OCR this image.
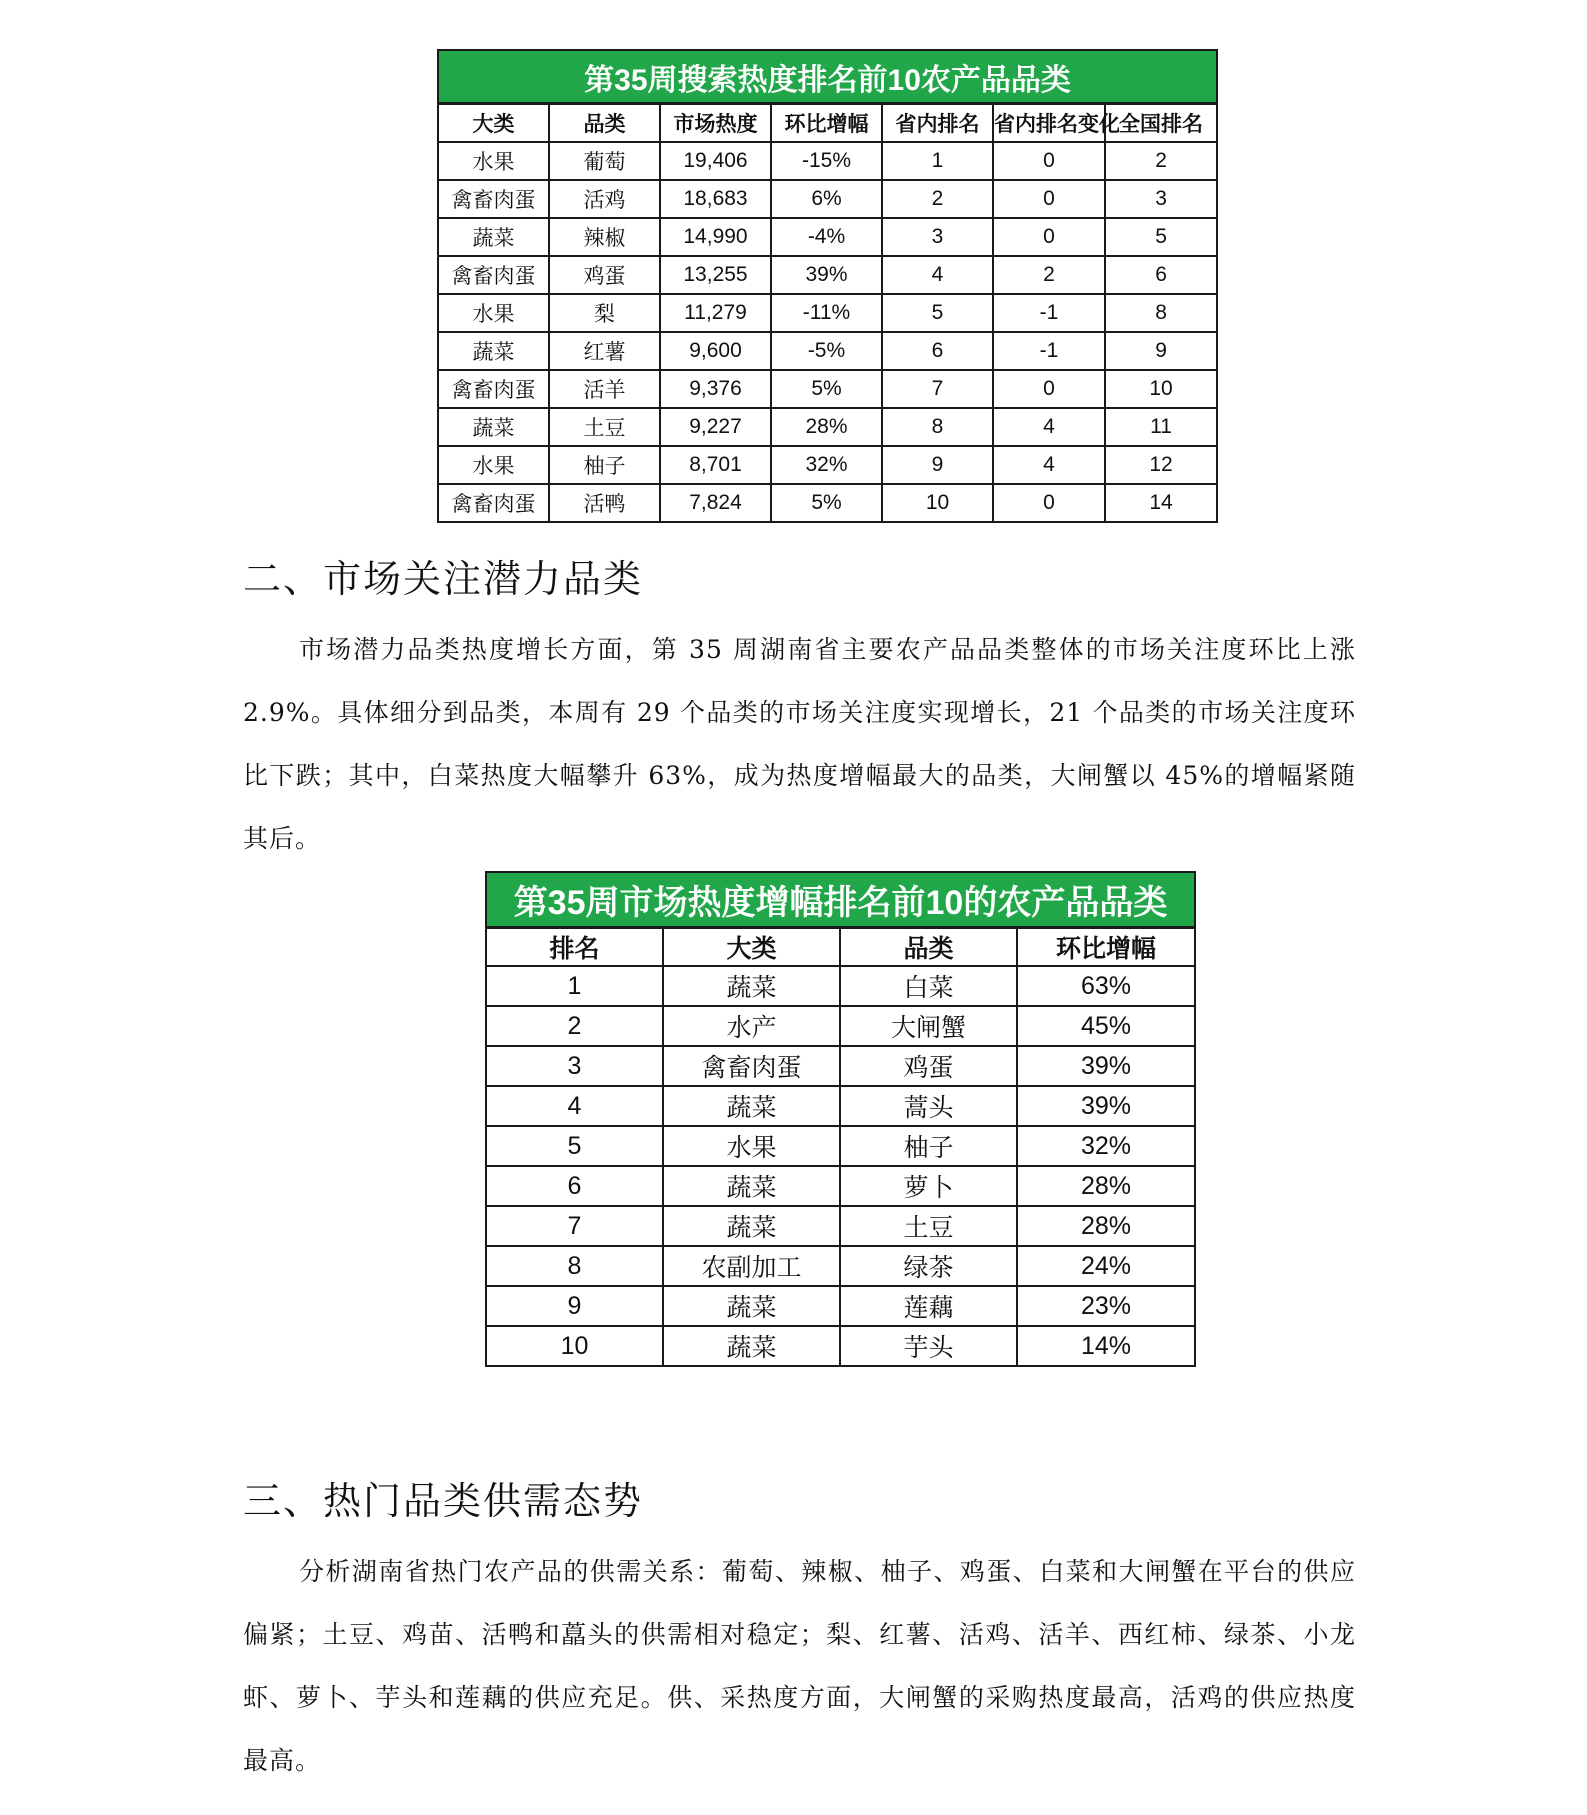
第35周搜索热度排名前10农产品品类						
大类	品类	市场热度	环比增幅	省内排名	省内排名变化	全国排名
水果	葡萄	19,406	-15%	1	0	2
禽畜肉蛋	活鸡	18,683	6%	2	0	3
蔬菜	辣椒	14,990	-4%	3	0	5
禽畜肉蛋	鸡蛋	13,255	39%	4	2	6
水果	梨	11,279	-11%	5	-1	8
蔬菜	红薯	9,600	-5%	6	-1	9
禽畜肉蛋	活羊	9,376	5%	7	0	10
蔬菜	土豆	9,227	28%	8	4	11
水果	柚子	8,701	32%	9	4	12
禽畜肉蛋	活鸭	7,824	5%	10	0	14
二、市场关注潜力品类

市场潜力品类热度增长方面，第 35 周湖南省主要农产品品类整体的市场关注度环比上涨 2.9%。具体细分到品类，本周有 29 个品类的市场关注度实现增长，21 个品类的市场关注度环比下跌；其中，白菜热度大幅攀升 63%，成为热度增幅最大的品类，大闸蟹以 45%的增幅紧随其后。

第35周市场热度增幅排名前10的农产品品类			
排名	大类	品类	环比增幅
1	蔬菜	白菜	63%
2	水产	大闸蟹	45%
3	禽畜肉蛋	鸡蛋	39%
4	蔬菜	蒿头	39%
5	水果	柚子	32%
6	蔬菜	萝卜	28%
7	蔬菜	土豆	28%
8	农副加工	绿茶	24%
9	蔬菜	莲藕	23%
10	蔬菜	芋头	14%
三、热门品类供需态势

分析湖南省热门农产品的供需关系：葡萄、辣椒、柚子、鸡蛋、白菜和大闸蟹在平台的供应偏紧；土豆、鸡苗、活鸭和藠头的供需相对稳定；梨、红薯、活鸡、活羊、西红柿、绿茶、小龙虾、萝卜、芋头和莲藕的供应充足。供、采热度方面，大闸蟹的采购热度最高，活鸡的供应热度最高。
